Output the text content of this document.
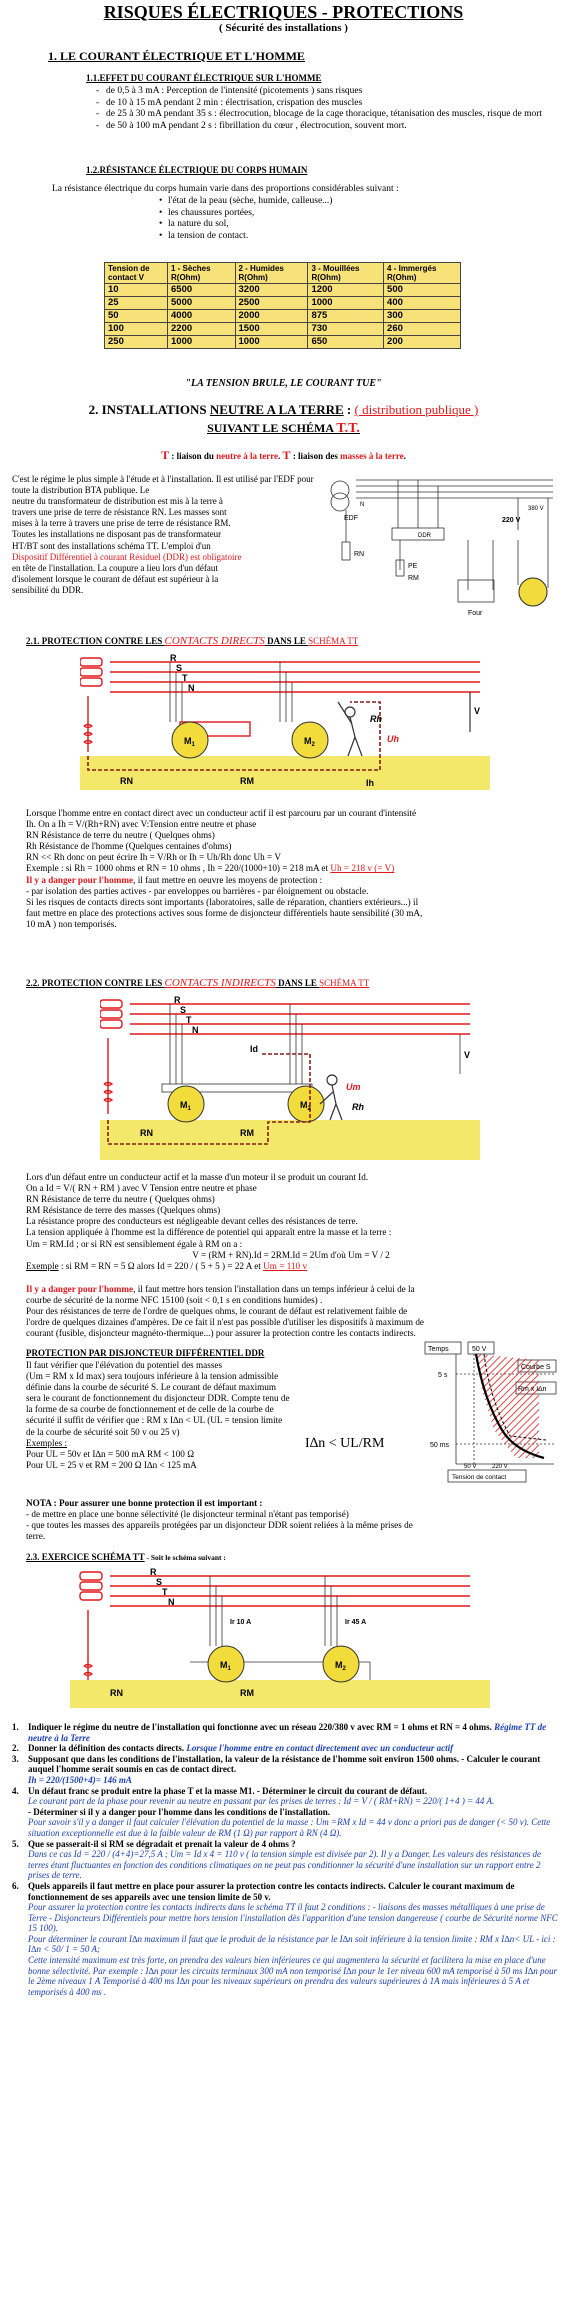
RISQUES ÉLECTRIQUES - PROTECTIONS
( Sécurité des installations )
1. LE COURANT ÉLECTRIQUE ET L'HOMME
1.1.EFFET DU COURANT ÉLECTRIQUE SUR L'HOMME
- de 0,5 à 3 mA : Perception de l'intensité (picotements ) sans risques
- de 10 à 15 mA pendant 2 min : électrisation, crispation des muscles
- de 25 à 30 mA pendant 35 s : électrocution, blocage de la cage thoracique, tétanisation des muscles, risque de mort
- de 50 à 100 mA pendant 2 s : fibrillation du cœur , électrocution, souvent mort.
1.2.RÉSISTANCE ÉLECTRIQUE DU CORPS HUMAIN
La résistance électrique du corps humain varie dans des proportions considérables suivant :
• l'état de la peau (sèche, humide, calleuse...)
• les chaussures portées,
• la nature du sol,
• la tension de contact.
Tension de contact V	1 - Sèches R(Ohm)	2 - Humides R(Ohm)	3 - Mouillées R(Ohm)	4 - Immergés R(Ohm)
10	6500	3200	1200	500
25	5000	2500	1000	400
50	4000	2000	875	300
100	2200	1500	730	260
250	1000	1000	650	200
"LA TENSION BRULE, LE COURANT TUE"
2. INSTALLATIONS NEUTRE A LA TERRE : ( distribution publique )
SUIVANT LE SCHÉMA T.T.
T : liaison du neutre à la terre. T : liaison des masses à la terre.
C'est le régime le plus simple à l'étude et à l'installation. Il est utilisé par l'EDF pour toute la distribution BTA publique. Le
neutre du transformateur de distribution est mis à la terre à
travers une prise de terre de résistance RN. Les masses sont
mises à la terre à travers une prise de terre de résistance RM.
Toutes les installations ne disposant pas de transformateur
HT/BT sont des installations schéma TT. L'emploi d'un
Dispositif Différentiel à courant Résiduel (DDR) est obligatoire
en tête de l'installation. La coupure a lieu lors d'un défaut
d'isolement lorsque le courant de défaut est supérieur à la
sensibilité du DDR.
EDF
RN
PE
RM
DDR
Four
380 V
220 V
N
2.1. PROTECTION CONTRE LES CONTACTS DIRECTS DANS LE SCHÉMA TT
R
S
T
N
V
$M_1$	$M_2$
Rh
Uh
RN	RM	Ih
Lorsque l'homme entre en contact direct avec un conducteur actif il est parcouru par un courant d'intensité
Ih. On a Ih = V/(Rh+RN) avec V:Tension entre neutre et phase
RN Résistance de terre du neutre ( Quelques ohms)
Rh Résistance de l'homme (Quelques centaines d'ohms)
RN << Rh donc on peut écrire Ih = V/Rh or Ih = Uh/Rh donc Uh = V
Exemple : si Rh = 1000 ohms et RN = 10 ohms , Ih = 220/(1000+10) = 218 mA et Uh = 218 v (= V)
Il y a danger pour l'homme, il faut mettre en oeuvre les moyens de protection :
- par isolation des parties actives - par enveloppes ou barrières - par éloignement ou obstacle.
Si les risques de contacts directs sont importants (laboratoires, salle de réparation, chantiers extérieurs...) il
faut mettre en place des protections actives sous forme de disjoncteur différentiels haute sensibilité (30 mA,
10 mA ) non temporisés.
2.2. PROTECTION CONTRE LES CONTACTS INDIRECTS DANS LE SCHÉMA TT
R
S
T
N
V
Id
$M_1$	$M_2$
Um
Rh
RN	RM
Lors d'un défaut entre un conducteur actif et la masse d'un moteur il se produit un courant Id.
On a Id = V/( RN + RM ) avec V Tension entre neutre et phase
RN Résistance de terre du neutre ( Quelques ohms)
RM Résistance de terre des masses (Quelques ohms)
La résistance propre des conducteurs est négligeable devant celles des résistances de terre.
La tension appliquée à l'homme est la différence de potentiel qui apparaît entre la masse et la terre :
Um = RM.Id ; or si RN est sensiblement égale à RM on a :
V = (RM + RN).Id = 2RM.Id = 2Um d'où Um = V / 2
Exemple : si RM = RN = 5 Ω alors Id = 220 / ( 5 + 5 ) = 22 A et Um = 110 v
Il y a danger pour l'homme, il faut mettre hors tension l'installation dans un temps inférieur à celui de la
courbe de sécurité de la norme NFC 15100 (soit < 0,1 s en conditions humides) .
Pour des résistances de terre de l'ordre de quelques ohms, le courant de défaut est relativement faible de
l'ordre de quelques dizaines d'ampères. De ce fait il n'est pas possible d'utiliser les dispositifs à maximum de
courant (fusible, disjoncteur magnéto-thermique...) pour assurer la protection contre les contacts indirects.
PROTECTION PAR DISJONCTEUR DIFFÉRENTIEL DDR
Il faut vérifier que l'élévation du potentiel des masses
(Um = RM x Id max) sera toujours inférieure à la tension admissible
définie dans la courbe de sécurité S. Le courant de défaut maximum
sera le courant de fonctionnement du disjoncteur DDR. Compte tenu de
la forme de sa courbe de fonctionnement et de celle de la courbe de
sécurité il suffit de vérifier que : RM x I∆n < UL (UL = tension limite
de la courbe de sécurité soit 50 v ou 25 v)
Exemples :
Pour UL = 50v et I∆n = 500 mA RM < 100 Ω
Pour UL = 25 v et RM = 200 Ω I∆n < 125 mA
I∆n < UL/RM
Temps	50 V
Courbe S
Rm x I∆n
5 s
50 ms
50 V	220 V
Tension de contact
NOTA : Pour assurer une bonne protection il est important :
- de mettre en place une bonne sélectivité (le disjoncteur terminal n'étant pas temporisé)
- que toutes les masses des appareils protégées par un disjoncteur DDR soient reliées à la même prises de
terre.
2.3. EXERCICE SCHÉMA TT - Soit le schéma suivant :
R
S
T
N
Ir 10 A	Ir 45 A
$M_1$	$M_2$
RN	RM
1. Indiquer le régime du neutre de l'installation qui fonctionne avec un réseau 220/380 v avec RM = 1 ohms et RN = 4 ohms. Régime TT de neutre à la Terre
2. Donner la définition des contacts directs. Lorsque l'homme entre en contact directement avec un conducteur actif
3. Supposant que dans les conditions de l'installation, la valeur de la résistance de l'homme soit environ 1500 ohms. - Calculer le courant auquel l'homme serait soumis en cas de contact direct.
Ih = 220/(1500+4)= 146 mA
4. Un défaut franc se produit entre la phase T et la masse M1. - Déterminer le circuit du courant de défaut.
Le courant part de la phase pour revenir au neutre en passant par les prises de terres : Id = V / ( RM+RN) = 220/( 1+4 ) = 44 A.
- Déterminer si il y a danger pour l'homme dans les conditions de l'installation.
Pour savoir s'il y a danger il faut calculer l'élévation du potentiel de la masse : Um =RM x Id = 44 v donc a priori pas de danger (< 50 v). Cette situation exceptionnelle est due à la faible valeur de RM (1 Ω) par rapport à RN (4 Ω).
5. Que se passerait-il si RM se dégradait et prenait la valeur de 4 ohms ?
Dans ce cas Id = 220 / (4+4)=27,5 A ; Um = Id x 4 = 110 v ( la tension simple est divisée par 2). Il y a Danger. Les valeurs des résistances de terres étant fluctuantes en fonction des conditions climatiques on ne peut pas conditionner la sécurité d'une installation sur un rapport entre 2 prises de terre.
6. Quels appareils il faut mettre en place pour assurer la protection contre les contacts indirects. Calculer le courant maximum de fonctionnement de ses appareils avec une tension limite de 50 v.
Pour assurer la protection contre les contacts indirects dans le schéma TT il faut 2 conditions : - liaisons des masses métalliques à une prise de Terre - Disjoncteurs Différentiels pour mettre hors tension l'installation dès l'apparition d'une tension dangereuse ( courbe de Sécurité norme NFC 15 100).
Pour déterminer le courant I∆n maximum il faut que le produit de la résistance par le I∆n soit inférieure à la tension limite : RM x I∆n< UL - ici : I∆n < 50/ 1 = 50 A;
Cette intensité maximum est très forte, on prendra des valeurs bien inférieures ce qui augmentera la sécurité et facilitera la mise en place d'une bonne sélectivité. Par exemple : I∆n pour les circuits terminaux 300 mA non temporisé I∆n pour le 1er niveau 600 mA temporisé à 50 ms I∆n pour le 2ème niveaux 1 A Temporisé à 400 ms I∆n pour les niveaux supérieurs on prendra des valeurs supérieures à 1A mais inférieures à 5 A et temporisés à 400 ms .
